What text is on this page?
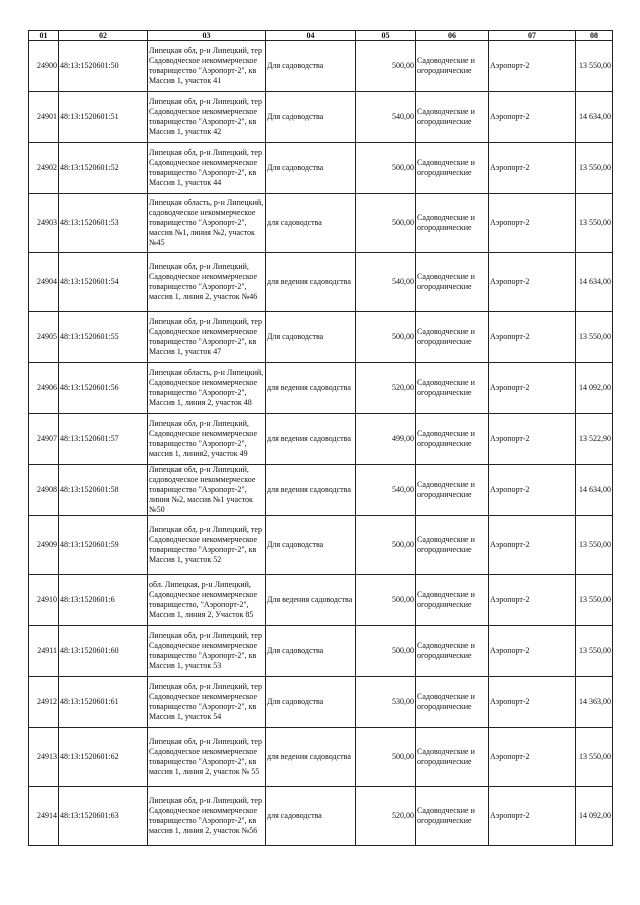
01	02	03	04	05	06	07	08
24900	48:13:1520601:50	Липецкая обл, р-н Липецкий, тер Садоводческое некоммерческое товарищество "Аэропорт-2", кв Массив 1, участок 41	Для садоводства	500,00	Садоводческие и огороднические	Аэропорт-2	13 550,00
24901	48:13:1520601:51	Липецкая обл, р-н Липецкий, тер Садоводческое некоммерческое товарищество "Аэропорт-2", кв Массив 1, участок 42	Для садоводства	540,00	Садоводческие и огороднические	Аэропорт-2	14 634,00
24902	48:13:1520601:52	Липецкая обл, р-н Липецкий, тер Садоводческое некоммерческое товарищество "Аэропорт-2", кв Массив 1, участок 44	Для садоводства	500,00	Садоводческие и огороднические	Аэропорт-2	13 550,00
24903	48:13:1520601:53	Липецкая область, р-н Липецкий, садоводческое некоммерческое товарищество "Аэропорт-2", массив №1, линия №2, участок №45	для садоводства	500,00	Садоводческие и огороднические	Аэропорт-2	13 550,00
24904	48:13:1520601:54	Липецкая обл, р-н Липецкий, Садоводческое некоммерческое товарищество "Аэропорт-2", массив 1, линия 2, участок №46	для ведения садоводства	540,00	Садоводческие и огороднические	Аэропорт-2	14 634,00
24905	48:13:1520601:55	Липецкая обл, р-н Липецкий, тер Садоводческое некоммерческое товарищество "Аэропорт-2", кв Массив 1, участок 47	Для садоводства	500,00	Садоводческие и огороднические	Аэропорт-2	13 550,00
24906	48:13:1520601:56	Липецкая область, р-н Липецкий, Садоводческое некоммерческое товарищество "Аэропорт-2", Массив 1, линия 2, участок 48	для ведения садоводства	520,00	Садоводческие и огороднические	Аэропорт-2	14 092,00
24907	48:13:1520601:57	Липецкая обл, р-н Липецкий, Садоводческое некоммерческое товарищество "Аэропорт-2", массив 1, линия2, участок 49	для ведения садоводства	499,00	Садоводческие и огороднические	Аэропорт-2	13 522,90
24908	48:13:1520601:58	Липецкая обл, р-н Липецкий, садоводческое некоммерческое товарищество "Аэропорт-2", линия №2, массив №1 участок №50	для ведения садоводства	540,00	Садоводческие и огороднические	Аэропорт-2	14 634,00
24909	48:13:1520601:59	Липецкая обл, р-н Липецкий, тер Садоводческое некоммерческое товарищество "Аэропорт-2", кв Массив 1, участок 52	Для садоводства	500,00	Садоводческие и огороднические	Аэропорт-2	13 550,00
24910	48:13:1520601:6	обл. Липецкая, р-н Липецкий, Садоводческое некоммерческое товарищество, "Аэропорт-2", Массив 1, линия 2, Участок 85	Для ведения садоводства	500,00	Садоводческие и огороднические	Аэропорт-2	13 550,00
24911	48:13:1520601:60	Липецкая обл, р-н Липецкий, тер Садоводческое некоммерческое товарищество "Аэропорт-2", кв Массив 1, участок 53	Для садоводства	500,00	Садоводческие и огороднические	Аэропорт-2	13 550,00
24912	48:13:1520601:61	Липецкая обл, р-н Липецкий, тер Садоводческое некоммерческое товарищество "Аэропорт-2", кв Массив 1, участок 54	Для садоводства	530,00	Садоводческие и огороднические	Аэропорт-2	14 363,00
24913	48:13:1520601:62	Липецкая обл, р-н Липецкий, тер Садоводческое некоммерческое товарищество "Аэропорт-2", кв массив 1, линия 2, участок № 55	для ведения садоводства	500,00	Садоводческие и огороднические	Аэропорт-2	13 550,00
24914	48:13:1520601:63	Липецкая обл, р-н Липецкий, тер Садоводческое некоммерческое товарищество "Аэропорт-2", кв массив 1, линия 2, участок №56	для садоводства	520,00	Садоводческие и огороднические	Аэропорт-2	14 092,00
